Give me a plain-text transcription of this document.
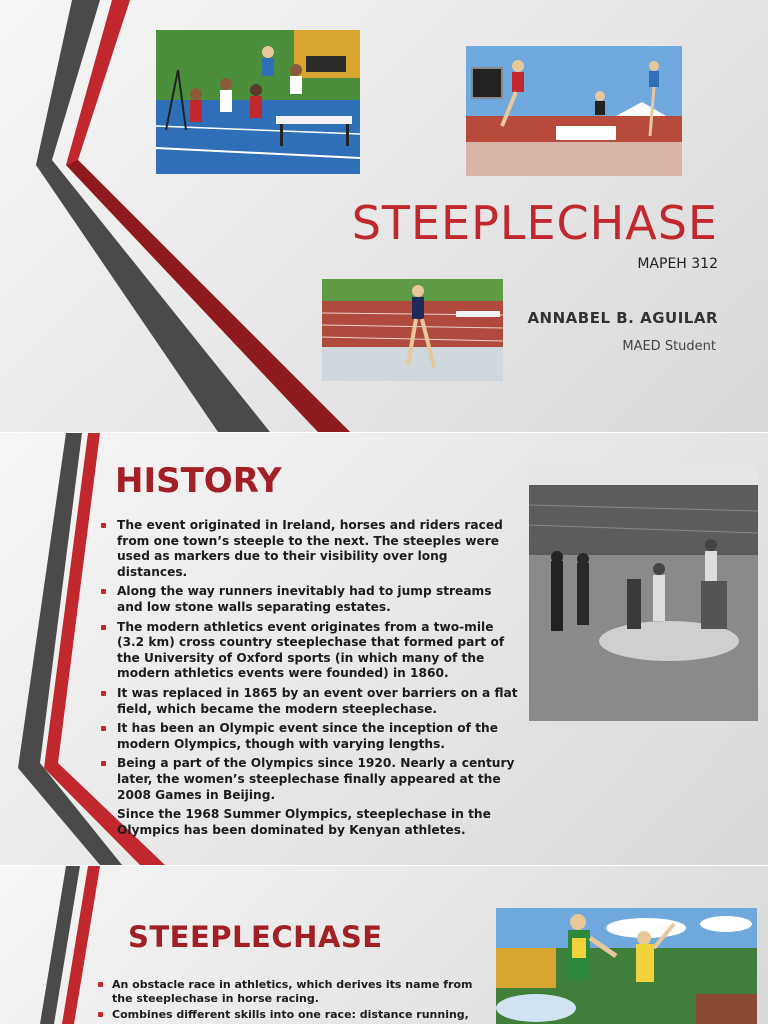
STEEPLECHASE
MAPEH 312
ANNABEL B. AGUILAR
MAED Student
HISTORY
The event originated in Ireland, horses and riders raced from one town’s steeple to the next. The steeples were used as markers due to their visibility over long distances.
Along the way runners inevitably had to jump streams and low stone walls separating estates.
The modern athletics event originates from a two-mile (3.2 km) cross country steeplechase that formed part of the University of Oxford sports (in which many of the modern athletics events were founded) in 1860.
It was replaced in 1865 by an event over barriers on a flat field, which became the modern steeplechase.
It has been an Olympic event since the inception of the modern Olympics, though with varying lengths.
Being a part of the Olympics since 1920. Nearly a century later, the women’s steeplechase finally appeared at the 2008 Games in Beijing.
Since the 1968 Summer Olympics, steeplechase in the Olympics has been dominated by Kenyan athletes.
STEEPLECHASE
An obstacle race in athletics, which derives its name from the steeplechase in horse racing.
Combines different skills into one race: distance running,
